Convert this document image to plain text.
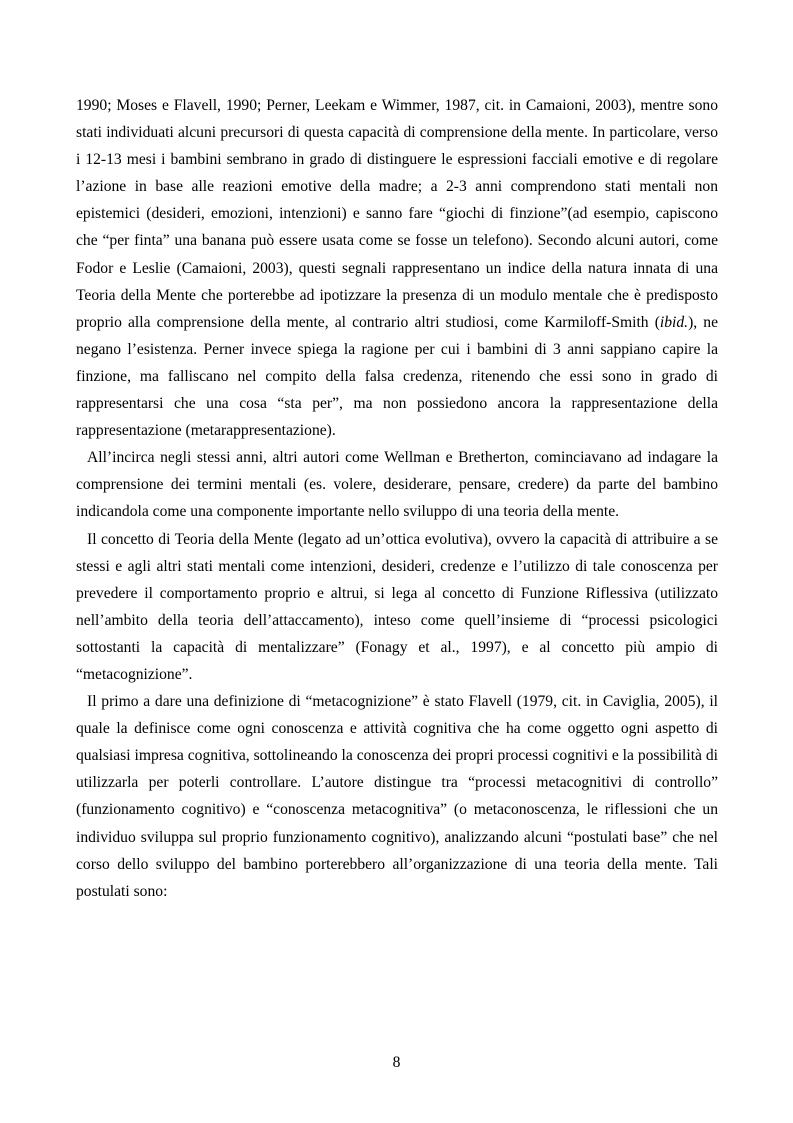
1990; Moses e Flavell, 1990; Perner, Leekam e Wimmer, 1987, cit. in Camaioni, 2003), mentre sono stati individuati alcuni precursori di questa capacità di comprensione della mente. In particolare, verso i 12-13 mesi i bambini sembrano in grado di distinguere le espressioni facciali emotive e di regolare l’azione in base alle reazioni emotive della madre; a 2-3 anni comprendono stati mentali non epistemici (desideri, emozioni, intenzioni) e sanno fare “giochi di finzione”(ad esempio, capiscono che “per finta” una banana può essere usata come se fosse un telefono). Secondo alcuni autori, come Fodor e Leslie (Camaioni, 2003), questi segnali rappresentano un indice della natura innata di una Teoria della Mente che porterebbe ad ipotizzare la presenza di un modulo mentale che è predisposto proprio alla comprensione della mente, al contrario altri studiosi, come Karmiloff-Smith (ibid.), ne negano l’esistenza. Perner invece spiega la ragione per cui i bambini di 3 anni sappiano capire la finzione, ma falliscano nel compito della falsa credenza, ritenendo che essi sono in grado di rappresentarsi che una cosa “sta per”, ma non possiedono ancora la rappresentazione della rappresentazione (metarappresentazione).

All’incirca negli stessi anni, altri autori come Wellman e Bretherton, cominciavano ad indagare la comprensione dei termini mentali (es. volere, desiderare, pensare, credere) da parte del bambino indicandola come una componente importante nello sviluppo di una teoria della mente.

Il concetto di Teoria della Mente (legato ad un’ottica evolutiva), ovvero la capacità di attribuire a se stessi e agli altri stati mentali come intenzioni, desideri, credenze e l’utilizzo di tale conoscenza per prevedere il comportamento proprio e altrui, si lega al concetto di Funzione Riflessiva (utilizzato nell’ambito della teoria dell’attaccamento), inteso come quell’insieme di “processi psicologici sottostanti la capacità di mentalizzare” (Fonagy et al., 1997), e al concetto più ampio di “metacognizione”.

Il primo a dare una definizione di “metacognizione” è stato Flavell (1979, cit. in Caviglia, 2005), il quale la definisce come ogni conoscenza e attività cognitiva che ha come oggetto ogni aspetto di qualsiasi impresa cognitiva, sottolineando la conoscenza dei propri processi cognitivi e la possibilità di utilizzarla per poterli controllare. L’autore distingue tra “processi metacognitivi di controllo” (funzionamento cognitivo) e “conoscenza metacognitiva” (o metaconoscenza, le riflessioni che un individuo sviluppa sul proprio funzionamento cognitivo), analizzando alcuni “postulati base” che nel corso dello sviluppo del bambino porterebbero all’organizzazione di una teoria della mente. Tali postulati sono:

8
